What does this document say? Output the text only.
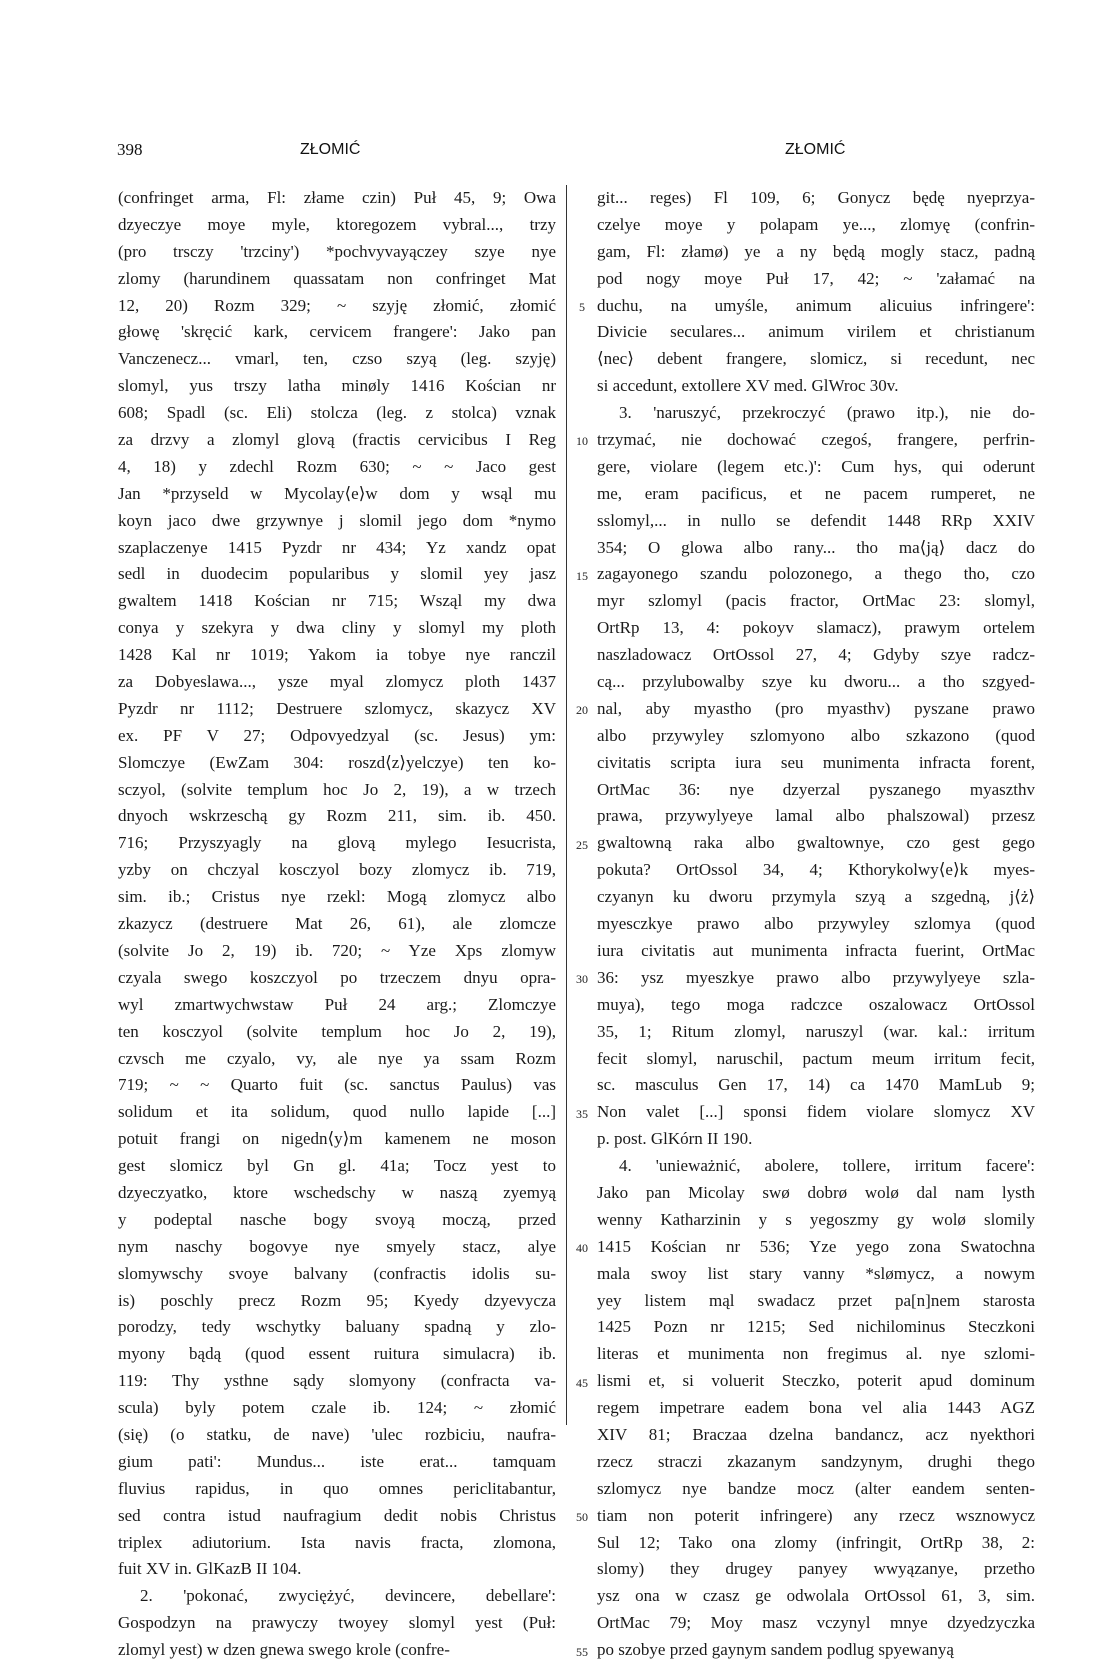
398	ZŁOMIĆ	ZŁOMIĆ
(confringet arma, Fl: złame czin) Puł 45, 9; Owa
dzyeczye moye myle, ktoregozem vybral..., trzy
(pro trsczy 'trzciny') *pochvyvayączey szye nye
zlomy (harundinem quassatam non confringet Mat
12, 20) Rozm 329; ~ szyję złomić, złomić
głowę 'skręcić kark, cervicem frangere': Jako pan
Vanczenecz... vmarl, ten, czso szyą (leg. szyję)
slomyl, yus trszy latha minøly 1416 Kościan nr
608; Spadl (sc. Eli) stolcza (leg. z stolca) vznak
za drzvy a zlomyl glovą (fractis cervicibus I Reg
4, 18) y zdechl Rozm 630; ~ ~ Jaco gest
Jan *przyseld w Mycolay⟨e⟩w dom y wsąl mu
koyn jaco dwe grzywnye j slomil jego dom *nymo
szaplaczenye 1415 Pyzdr nr 434; Yz xandz opat
sedl in duodecim popularibus y slomil yey jasz
gwaltem 1418 Kościan nr 715; Wsząl my dwa
conya y szekyra y dwa cliny y slomyl my ploth
1428 Kal nr 1019; Yakom ia tobye nye ranczil
za Dobyeslawa..., ysze myal zlomycz ploth 1437
Pyzdr nr 1112; Destruere szlomycz, skazycz XV
ex. PF V 27; Odpovyedzyal (sc. Jesus) ym:
Slomczye (EwZam 304: roszd⟨z⟩yelczye) ten ko-
sczyol, (solvite templum hoc Jo 2, 19), a w trzech
dnyoch wskrzeschą gy Rozm 211, sim. ib. 450.
716; Przyszyagly na glovą mylego Iesucrista,
yzby on chczyal kosczyol bozy zlomycz ib. 719,
sim. ib.; Cristus nye rzekl: Mogą zlomycz albo
zkazycz (destruere Mat 26, 61), ale zlomcze
(solvite Jo 2, 19) ib. 720; ~ Yze Xps zlomyw
czyala swego koszczyol po trzeczem dnyu opra-
wyl zmartwychwstaw Puł 24 arg.; Zlomczye
ten kosczyol (solvite templum hoc Jo 2, 19),
czvsch me czyalo, vy, ale nye ya ssam Rozm
719; ~ ~ Quarto fuit (sc. sanctus Paulus) vas
solidum et ita solidum, quod nullo lapide [...]
potuit frangi on nigedn⟨y⟩m kamenem ne moson
gest slomicz byl Gn gl. 41a; Tocz yest to
dzyeczyatko, ktore wschedschy w naszą zyemyą
y podeptal nasche bogy svoyą moczą, przed
nym naschy bogovye nye smyely stacz, alye
slomywschy svoye balvany (confractis idolis su-
is) poschly precz Rozm 95; Kyedy dzyevycza
porodzy, tedy wschytky baluany spadną y zlo-
myony bądą (quod essent ruitura simulacra) ib.
119: Thy ysthne sądy slomyony (confracta va-
scula) byly potem czale ib. 124; ~ złomić
(się) (o statku, de nave) 'ulec rozbiciu, naufra-
gium pati': Mundus... iste erat... tamquam
fluvius rapidus, in quo omnes periclitabantur,
sed contra istud naufragium dedit nobis Christus
triplex adiutorium. Ista navis fracta, zlomona,
fuit XV in. GlKazB II 104.
2. 'pokonać, zwyciężyć, devincere, debellare':
Gospodzyn na prawyczy twoyey slomyl yest (Puł:
zlomyl yest) w dzen gnewa swego krole (confre-
5
10
15
20
25
30
35
40
45
50
55
git... reges) Fl 109, 6; Gonycz będę nyeprzya-
czelye moye y polapam ye..., zlomyę (confrin-
gam, Fl: złamø) ye a ny będą mogly stacz, padną
pod nogy moye Puł 17, 42; ~ 'załamać na
duchu, na umyśle, animum alicuius infringere':
Divicie seculares... animum virilem et christianum
⟨nec⟩ debent frangere, slomicz, si recedunt, nec
si accedunt, extollere XV med. GlWroc 30v.
3. 'naruszyć, przekroczyć (prawo itp.), nie do-
trzymać, nie dochować czegoś, frangere, perfrin-
gere, violare (legem etc.)': Cum hys, qui oderunt
me, eram pacificus, et ne pacem rumperet, ne
sslomyl,... in nullo se defendit 1448 RRp XXIV
354; O glowa albo rany... tho ma⟨ją⟩ dacz do
zagayonego szandu polozonego, a thego tho, czo
myr szlomyl (pacis fractor, OrtMac 23: slomyl,
OrtRp 13, 4: pokoyv slamacz), prawym ortelem
naszladowacz OrtOssol 27, 4; Gdyby szye radcz-
cą... przylubowalby szye ku dworu... a tho szgyed-
nal, aby myastho (pro myasthv) pyszane prawo
albo przywyley szlomyono albo szkazono (quod
civitatis scripta iura seu munimenta infracta forent,
OrtMac 36: nye dzyerzal pyszanego myaszthv
prawa, przywylyeye lamal albo phalszowal) przesz
gwaltowną raka albo gwaltownye, czo gest gego
pokuta? OrtOssol 34, 4; Kthorykolwy⟨e⟩k myes-
czyanyn ku dworu przymyla szyą a szgedną, j⟨ż⟩
myesczkye prawo albo przywyley szlomya (quod
iura civitatis aut munimenta infracta fuerint, OrtMac
36: ysz myeszkye prawo albo przywylyeye szla-
muya), tego moga radczce oszalowacz OrtOssol
35, 1; Ritum zlomyl, naruszyl (war. kal.: irritum
fecit slomyl, naruschil, pactum meum irritum fecit,
sc. masculus Gen 17, 14) ca 1470 MamLub 9;
Non valet [...] sponsi fidem violare slomycz XV
p. post. GlKórn II 190.
4. 'unieważnić, abolere, tollere, irritum facere':
Jako pan Micolay swø dobrø wolø dal nam lysth
wenny Katharzinin y s yegoszmy gy wolø slomily
1415 Kościan nr 536; Yze yego zona Swatochna
mala swoy list stary vanny *slømycz, a nowym
yey listem mąl swadacz przet pa[n]nem starosta
1425 Pozn nr 1215; Sed nichilominus Steczkoni
literas et munimenta non fregimus al. nye szlomi-
lismi et, si voluerit Steczko, poterit apud dominum
regem impetrare eadem bona vel alia 1443 AGZ
XIV 81; Braczaa dzelna bandancz, acz nyekthori
rzecz straczi zkazanym sandzynym, drughi thego
szlomycz nye bandze mocz (alter eandem senten-
tiam non poterit infringere) any rzecz wsznowycz
Sul 12; Tako ona zlomy (infringit, OrtRp 38, 2:
slomy) they drugey panyey wwyązanye, przetho
ysz ona w czasz ge odwolala OrtOssol 61, 3, sim.
OrtMac 79; Moy masz vczynyl mnye dzyedzyczka
po szobye przed gaynym sandem podlug spyewanyą
